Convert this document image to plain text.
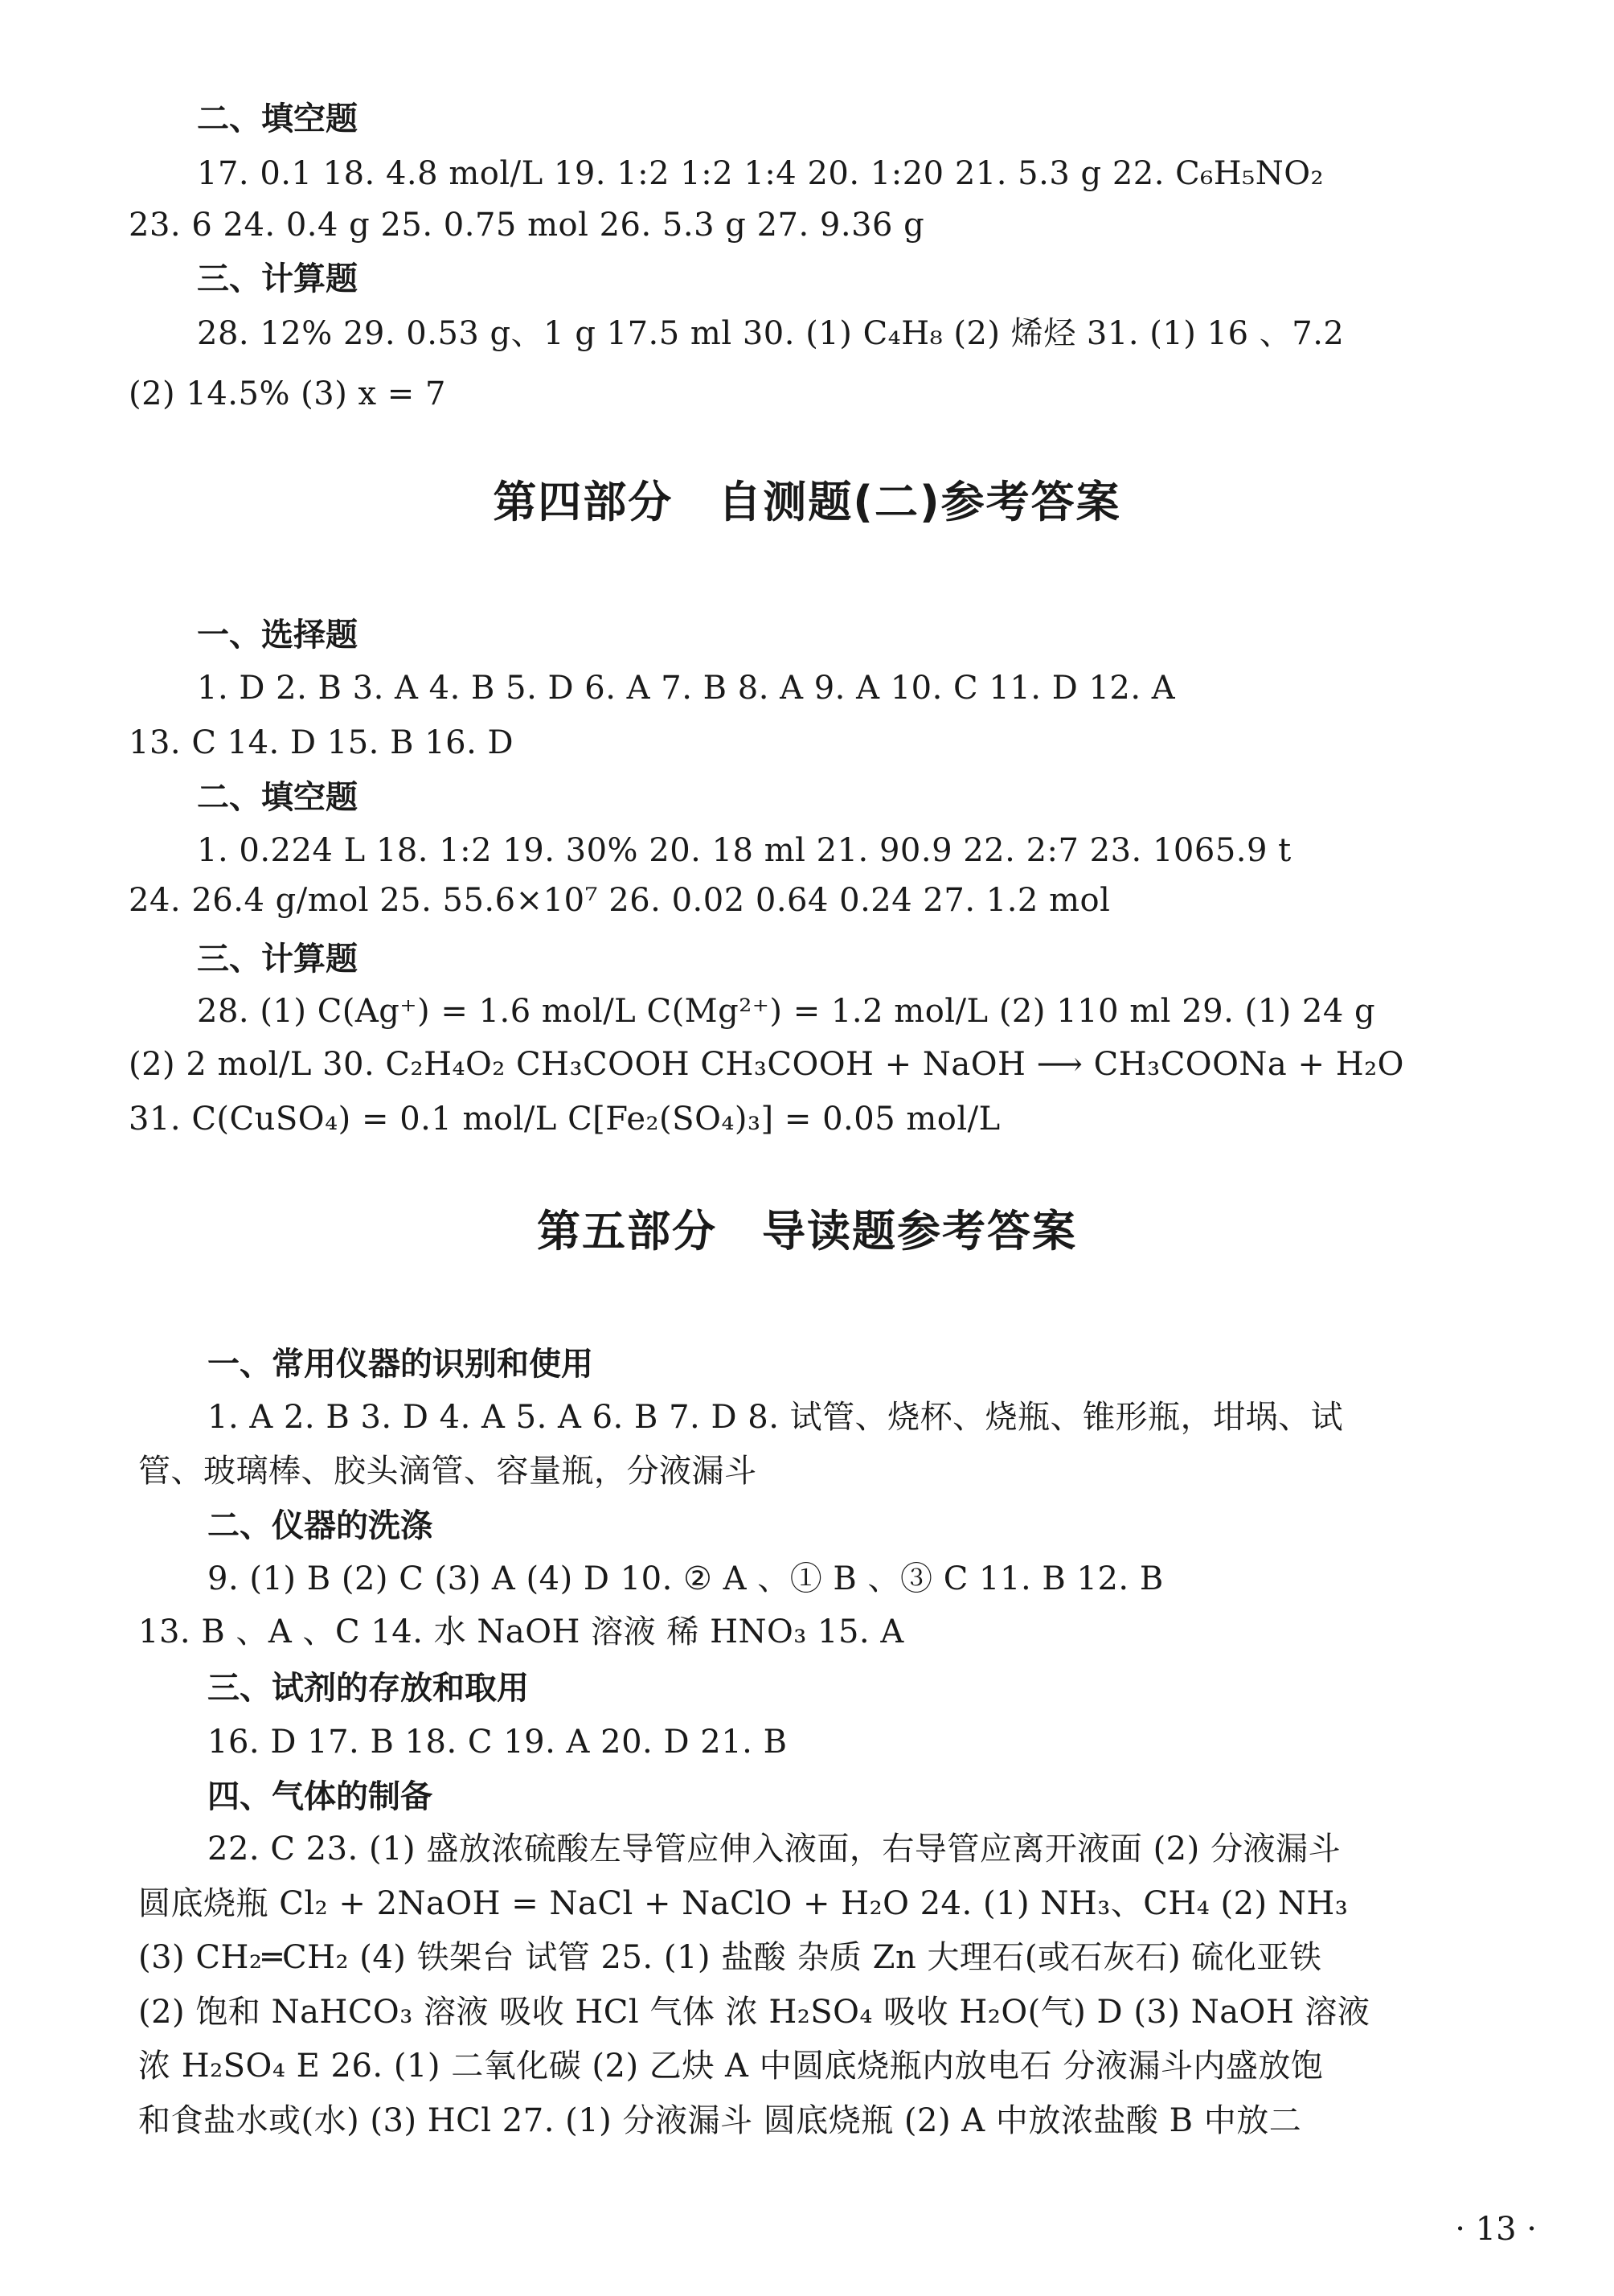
二、填空题
17. 0.1 18. 4.8 mol/L 19. 1:2 1:2 1:4 20. 1:20 21. 5.3 g 22. C₆H₅NO₂
23. 6 24. 0.4 g 25. 0.75 mol 26. 5.3 g 27. 9.36 g
三、计算题
28. 12% 29. 0.53 g、1 g 17.5 ml 30. (1) C₄H₈ (2) 烯烃 31. (1) 16 、7.2
(2) 14.5% (3) x = 7
第四部分　自测题(二)参考答案
一、选择题
1. D 2. B 3. A 4. B 5. D 6. A 7. B 8. A 9. A 10. C 11. D 12. A
13. C 14. D 15. B 16. D
二、填空题
1. 0.224 L 18. 1:2 19. 30% 20. 18 ml 21. 90.9 22. 2:7 23. 1065.9 t
24. 26.4 g/mol 25. 55.6×10⁷ 26. 0.02 0.64 0.24 27. 1.2 mol
三、计算题
28. (1) C(Ag⁺) = 1.6 mol/L C(Mg²⁺) = 1.2 mol/L (2) 110 ml 29. (1) 24 g
(2) 2 mol/L 30. C₂H₄O₂ CH₃COOH CH₃COOH + NaOH ⟶ CH₃COONa + H₂O
31. C(CuSO₄) = 0.1 mol/L C[Fe₂(SO₄)₃] = 0.05 mol/L
第五部分　导读题参考答案
一、常用仪器的识别和使用
1. A 2. B 3. D 4. A 5. A 6. B 7. D 8. 试管、烧杯、烧瓶、锥形瓶，坩埚、试
管、玻璃棒、胶头滴管、容量瓶，分液漏斗
二、仪器的洗涤
9. (1) B (2) C (3) A (4) D 10. ② A 、① B 、③ C 11. B 12. B
13. B 、A 、C 14. 水 NaOH 溶液 稀 HNO₃ 15. A
三、试剂的存放和取用
16. D 17. B 18. C 19. A 20. D 21. B
四、气体的制备
22. C 23. (1) 盛放浓硫酸左导管应伸入液面，右导管应离开液面 (2) 分液漏斗
圆底烧瓶 Cl₂ + 2NaOH = NaCl + NaClO + H₂O 24. (1) NH₃、CH₄ (2) NH₃
(3) CH₂═CH₂ (4) 铁架台 试管 25. (1) 盐酸 杂质 Zn 大理石(或石灰石) 硫化亚铁
(2) 饱和 NaHCO₃ 溶液 吸收 HCl 气体 浓 H₂SO₄ 吸收 H₂O(气) D (3) NaOH 溶液
浓 H₂SO₄ E 26. (1) 二氧化碳 (2) 乙炔 A 中圆底烧瓶内放电石 分液漏斗内盛放饱
和食盐水或(水) (3) HCl 27. (1) 分液漏斗 圆底烧瓶 (2) A 中放浓盐酸 B 中放二
· 13 ·
